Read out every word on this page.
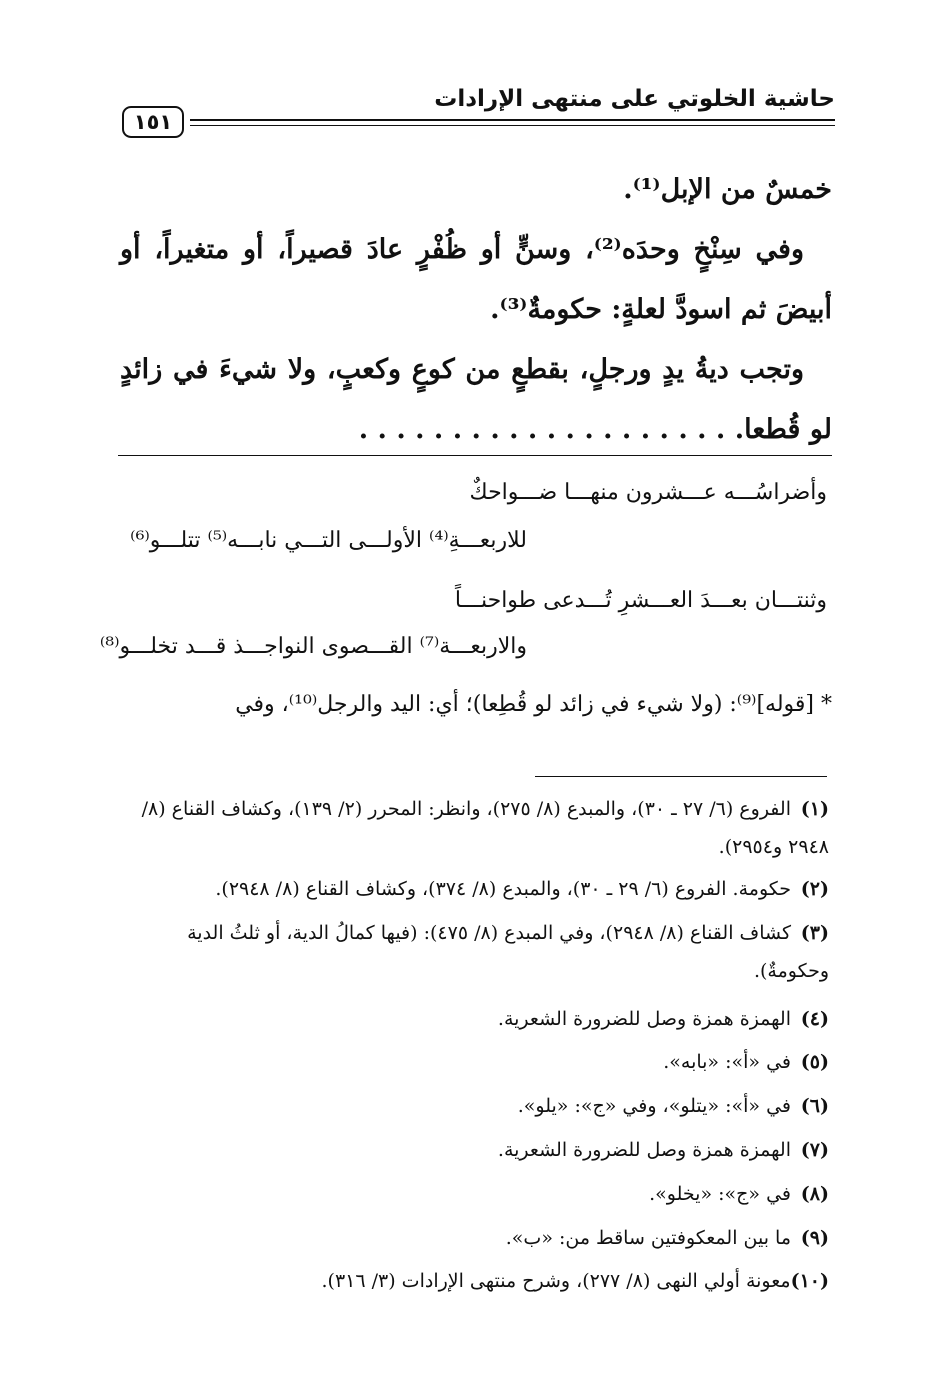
حاشية الخلوتي على منتهى الإرادات
١٥١

خمسٌ من الإبل⁽¹⁾.

وفي سِنْخٍ وحدَه⁽²⁾، وسنٍّ أو ظُفْرٍ عادَ قصيراً، أو متغيراً، أو أبيضَ ثم اسودَّ لعلةٍ: حكومةٌ⁽³⁾.

وتجب ديةُ يدٍ ورجلٍ، بقطعٍ من كوعٍ وكعبٍ، ولا شيءَ في زائدٍ لو قُطعا. . . . . . . . . . . . . . . . . . . . .

وأضراسُـــه عـــشرون منهـــا ضـــواحكٌ
للاربعـــةِ⁽⁴⁾ الأولـــى التـــي نابـــه⁽⁵⁾ تتلـــو⁽⁶⁾
وثنتـــان بعـــدَ العـــشرِ تُـــدعى طواحنـــاً
والاربعـــة⁽⁷⁾ القـــصوى النواجـــذ قـــد تخلـــو⁽⁸⁾
* [قوله]⁽⁹⁾: (ولا شيء في زائد لو قُطِعا)؛ أي: اليد والرجل⁽¹⁰⁾، وفي
(١)الفروع (٦/ ٢٧ ـ ٣٠)، والمبدع (٨/ ٢٧٥)، وانظر: المحرر (٢/ ١٣٩)، وكشاف القناع (٨/ ٢٩٤٨ و٢٩٥٤).
(٢)حكومة. الفروع (٦/ ٢٩ ـ ٣٠)، والمبدع (٨/ ٣٧٤)، وكشاف القناع (٨/ ٢٩٤٨).
(٣)كشاف القناع (٨/ ٢٩٤٨)، وفي المبدع (٨/ ٤٧٥): (فيها كمالُ الدية، أو ثلثُ الدية وحكومةٌ).
(٤)الهمزة همزة وصل للضرورة الشعرية.
(٥)في «أ»: «بابه».
(٦)في «أ»: «يتلو»، وفي «ج»: «يلو».
(٧)الهمزة همزة وصل للضرورة الشعرية.
(٨)في «ج»: «يخلو».
(٩)ما بين المعكوفتين ساقط من: «ب».
(١٠)معونة أولي النهى (٨/ ٢٧٧)، وشرح منتهى الإرادات (٣/ ٣١٦).
